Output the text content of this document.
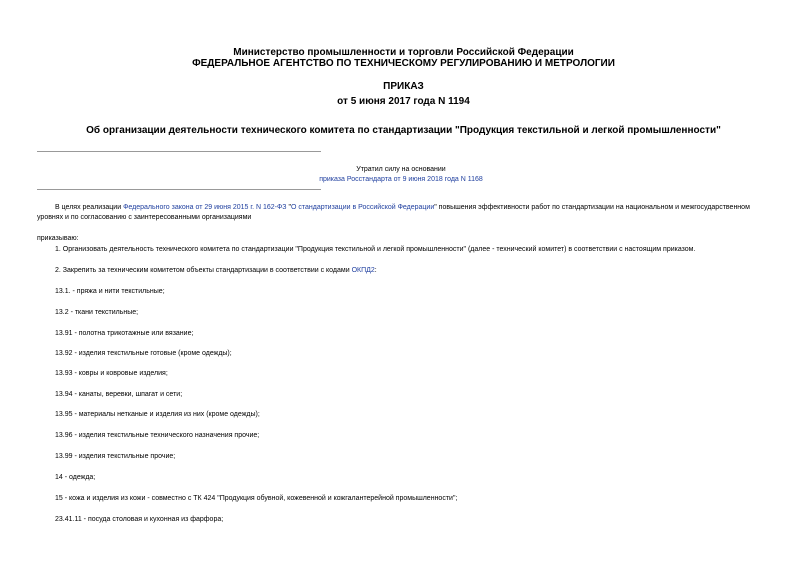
Министерство промышленности и торговли Российской Федерации
ФЕДЕРАЛЬНОЕ АГЕНТСТВО ПО ТЕХНИЧЕСКОМУ РЕГУЛИРОВАНИЮ И МЕТРОЛОГИИ
ПРИКАЗ
от 5 июня 2017 года N 1194
Об организации деятельности технического комитета по стандартизации "Продукция текстильной и легкой промышленности"
Утратил силу на основании
приказа Росстандарта от 9 июня 2018 года N 1168
В целях реализации Федерального закона от 29 июня 2015 г. N 162-ФЗ "О стандартизации в Российской Федерации" повышения эффективности работ по стандартизации на национальном и межгосударственном
уровнях и по согласованию с заинтересованными организациями
приказываю:
1. Организовать деятельность технического комитета по стандартизации "Продукция текстильной и легкой промышленности" (далее - технический комитет) в соответствии с настоящим приказом.
2. Закрепить за техническим комитетом объекты стандартизации в соответствии с кодами ОКПД2:
13.1. - пряжа и нити текстильные;
13.2 - ткани текстильные;
13.91 - полотна трикотажные или вязание;
13.92 - изделия текстильные готовые (кроме одежды);
13.93 - ковры и ковровые изделия;
13.94 - канаты, веревки, шпагат и сети;
13.95 - материалы нетканые и изделия из них (кроме одежды);
13.96 - изделия текстильные технического назначения прочие;
13.99 - изделия текстильные прочие;
14 - одежда;
15 - кожа и изделия из кожи - совместно с ТК 424 "Продукция обувной, кожевенной и кожгалантерейной промышленности";
23.41.11 - посуда столовая и кухонная из фарфора;
